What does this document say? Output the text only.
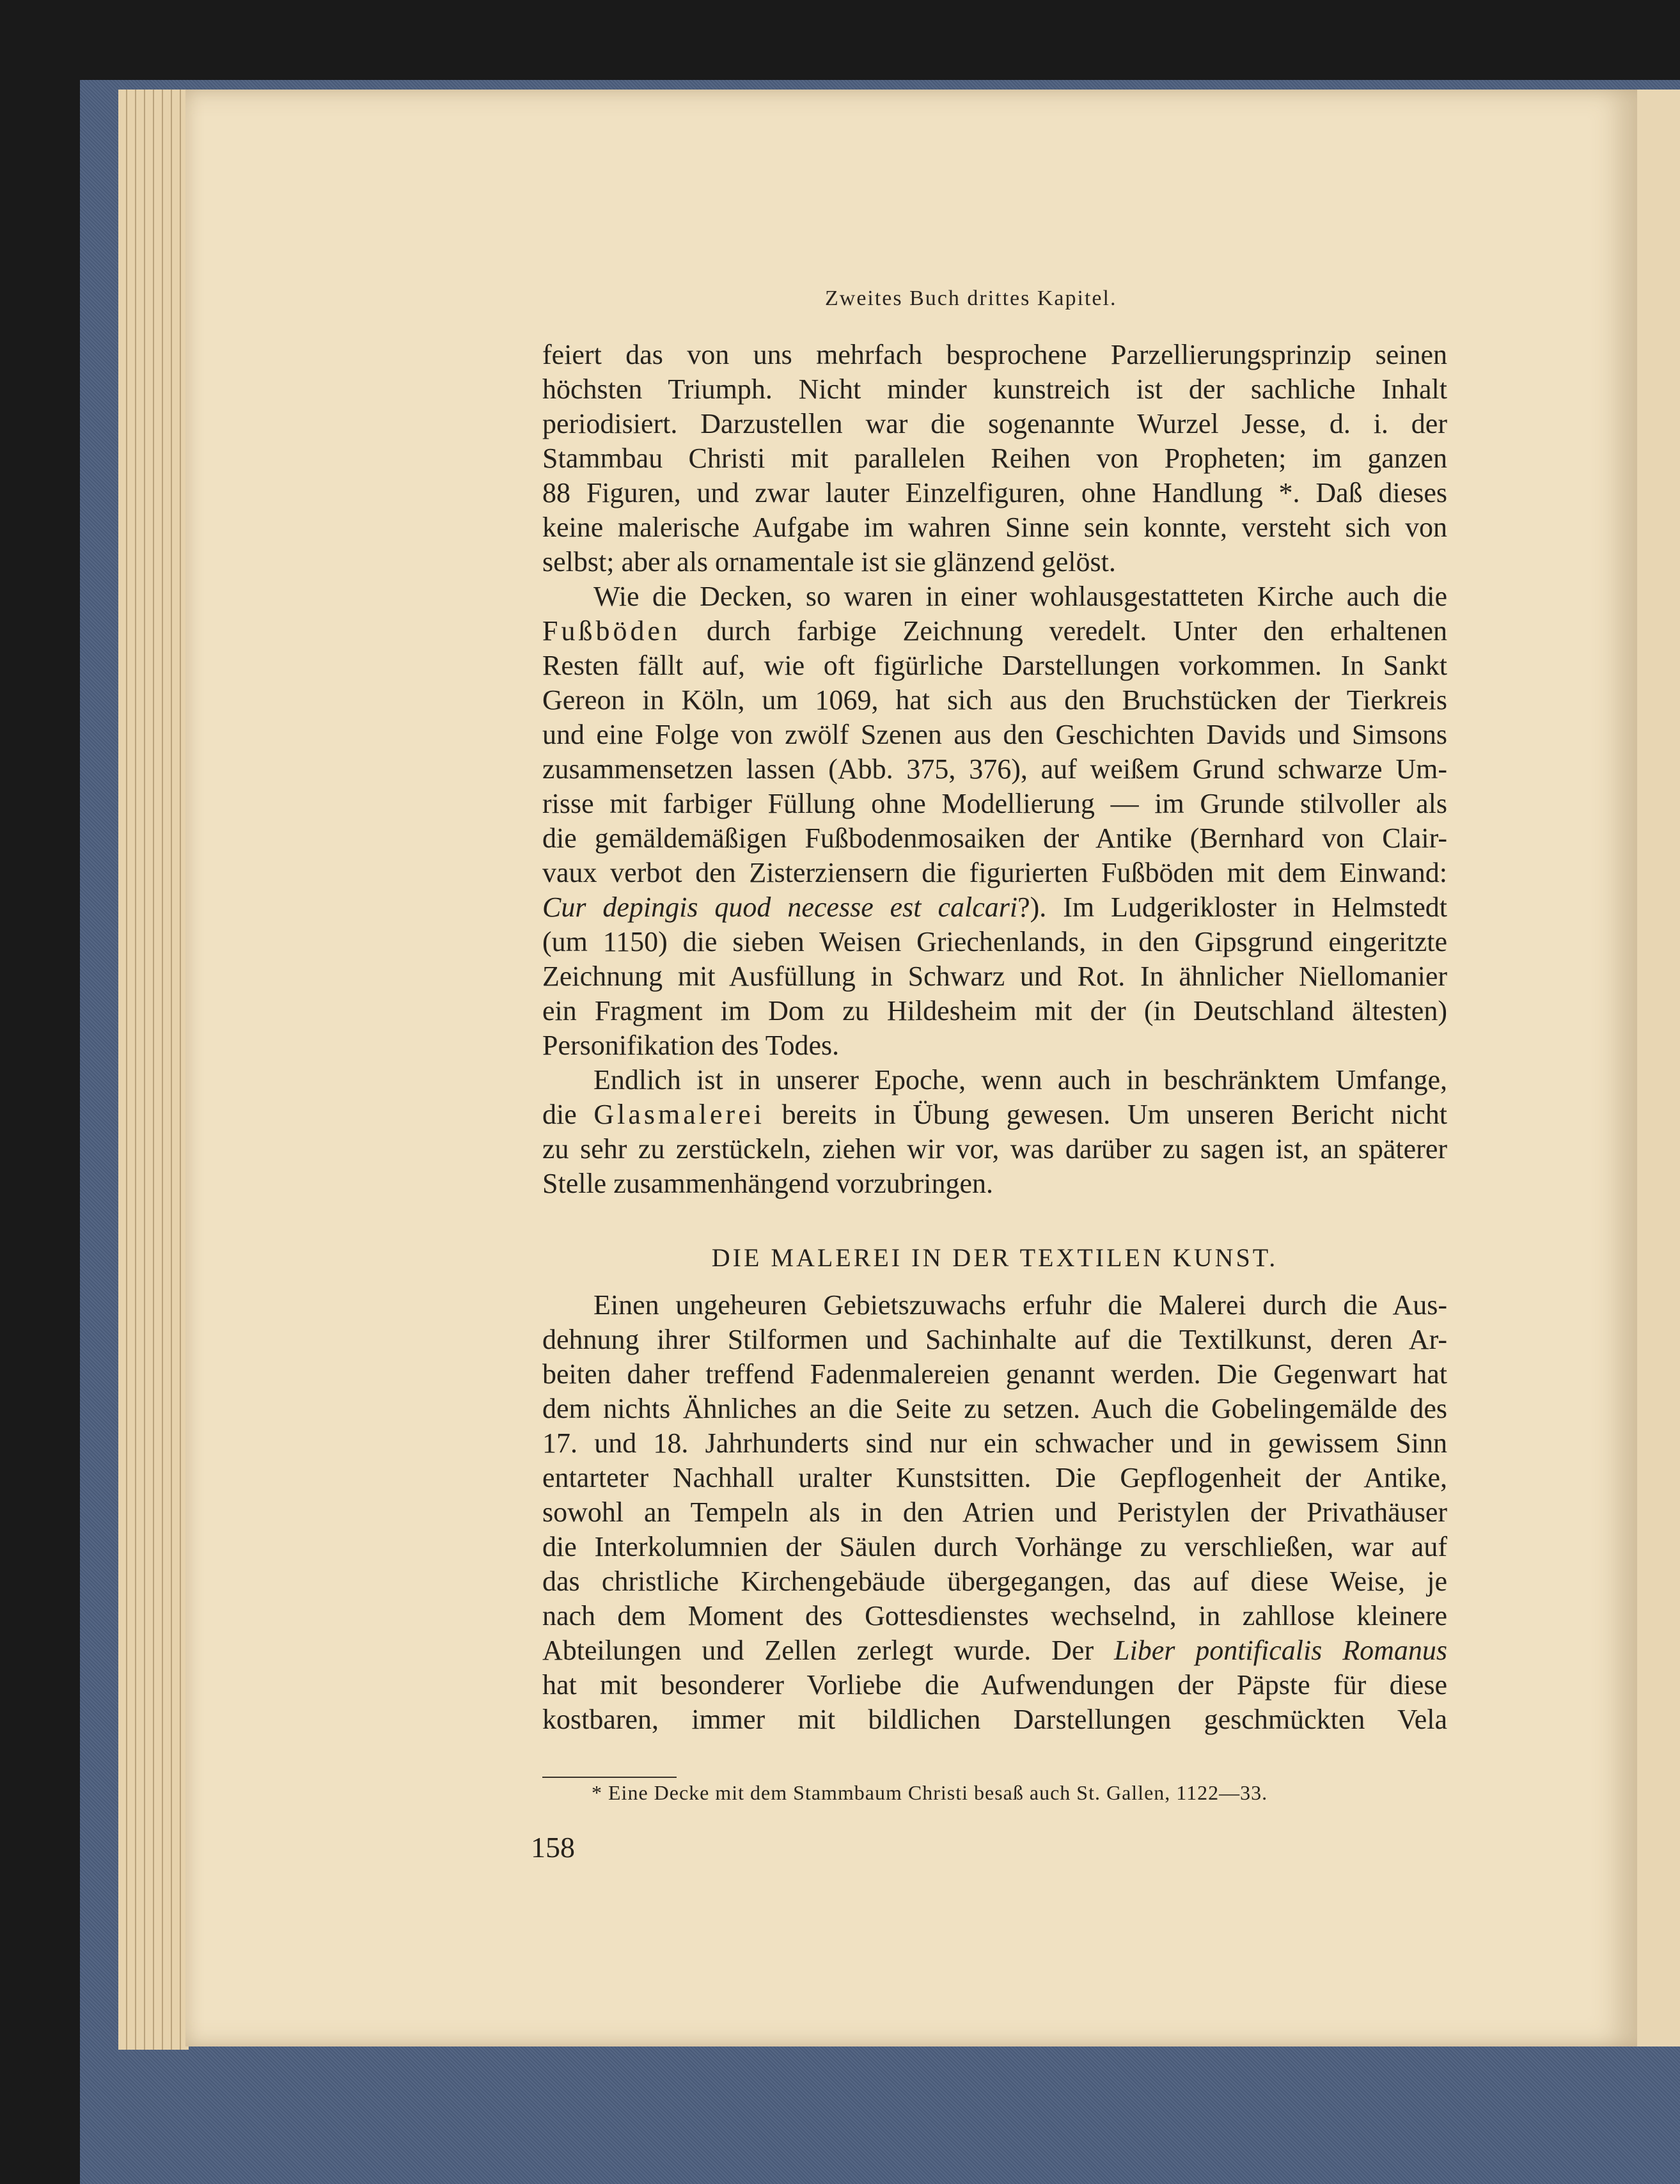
Zweites Buch drittes Kapitel.
feiert das von uns mehrfach besprochene Parzellierungsprinzip seinen
höchsten Triumph. Nicht minder kunstreich ist der sachliche Inhalt
periodisiert. Darzustellen war die sogenannte Wurzel Jesse, d. i. der
Stammbau Christi mit parallelen Reihen von Propheten; im ganzen
88 Figuren, und zwar lauter Einzelfiguren, ohne Handlung *. Daß dieses
keine malerische Aufgabe im wahren Sinne sein konnte, versteht sich von
selbst; aber als ornamentale ist sie glänzend gelöst.
Wie die Decken, so waren in einer wohlausgestatteten Kirche auch die
Fußböden durch farbige Zeichnung veredelt. Unter den erhaltenen
Resten fällt auf, wie oft figürliche Darstellungen vorkommen. In Sankt
Gereon in Köln, um 1069, hat sich aus den Bruchstücken der Tierkreis
und eine Folge von zwölf Szenen aus den Geschichten Davids und Simsons
zusammensetzen lassen (Abb. 375, 376), auf weißem Grund schwarze Um-
risse mit farbiger Füllung ohne Modellierung — im Grunde stilvoller als
die gemäldemäßigen Fußbodenmosaiken der Antike (Bernhard von Clair-
vaux verbot den Zisterziensern die figurierten Fußböden mit dem Einwand:
Cur depingis quod necesse est calcari?). Im Ludgerikloster in Helmstedt
(um 1150) die sieben Weisen Griechenlands, in den Gipsgrund eingeritzte
Zeichnung mit Ausfüllung in Schwarz und Rot. In ähnlicher Niellomanier
ein Fragment im Dom zu Hildesheim mit der (in Deutschland ältesten)
Personifikation des Todes.
Endlich ist in unserer Epoche, wenn auch in beschränktem Umfange,
die Glasmalerei bereits in Übung gewesen. Um unseren Bericht nicht
zu sehr zu zerstückeln, ziehen wir vor, was darüber zu sagen ist, an späterer
Stelle zusammenhängend vorzubringen.
DIE MALEREI IN DER TEXTILEN KUNST.
Einen ungeheuren Gebietszuwachs erfuhr die Malerei durch die Aus-
dehnung ihrer Stilformen und Sachinhalte auf die Textilkunst, deren Ar-
beiten daher treffend Fadenmalereien genannt werden. Die Gegenwart hat
dem nichts Ähnliches an die Seite zu setzen. Auch die Gobelingemälde des
17. und 18. Jahrhunderts sind nur ein schwacher und in gewissem Sinn
entarteter Nachhall uralter Kunstsitten. Die Gepflogenheit der Antike,
sowohl an Tempeln als in den Atrien und Peristylen der Privathäuser
die Interkolumnien der Säulen durch Vorhänge zu verschließen, war auf
das christliche Kirchengebäude übergegangen, das auf diese Weise, je
nach dem Moment des Gottesdienstes wechselnd, in zahllose kleinere
Abteilungen und Zellen zerlegt wurde. Der Liber pontificalis Romanus
hat mit besonderer Vorliebe die Aufwendungen der Päpste für diese
kostbaren, immer mit bildlichen Darstellungen geschmückten Vela
* Eine Decke mit dem Stammbaum Christi besaß auch St. Gallen, 1122—33.
158
